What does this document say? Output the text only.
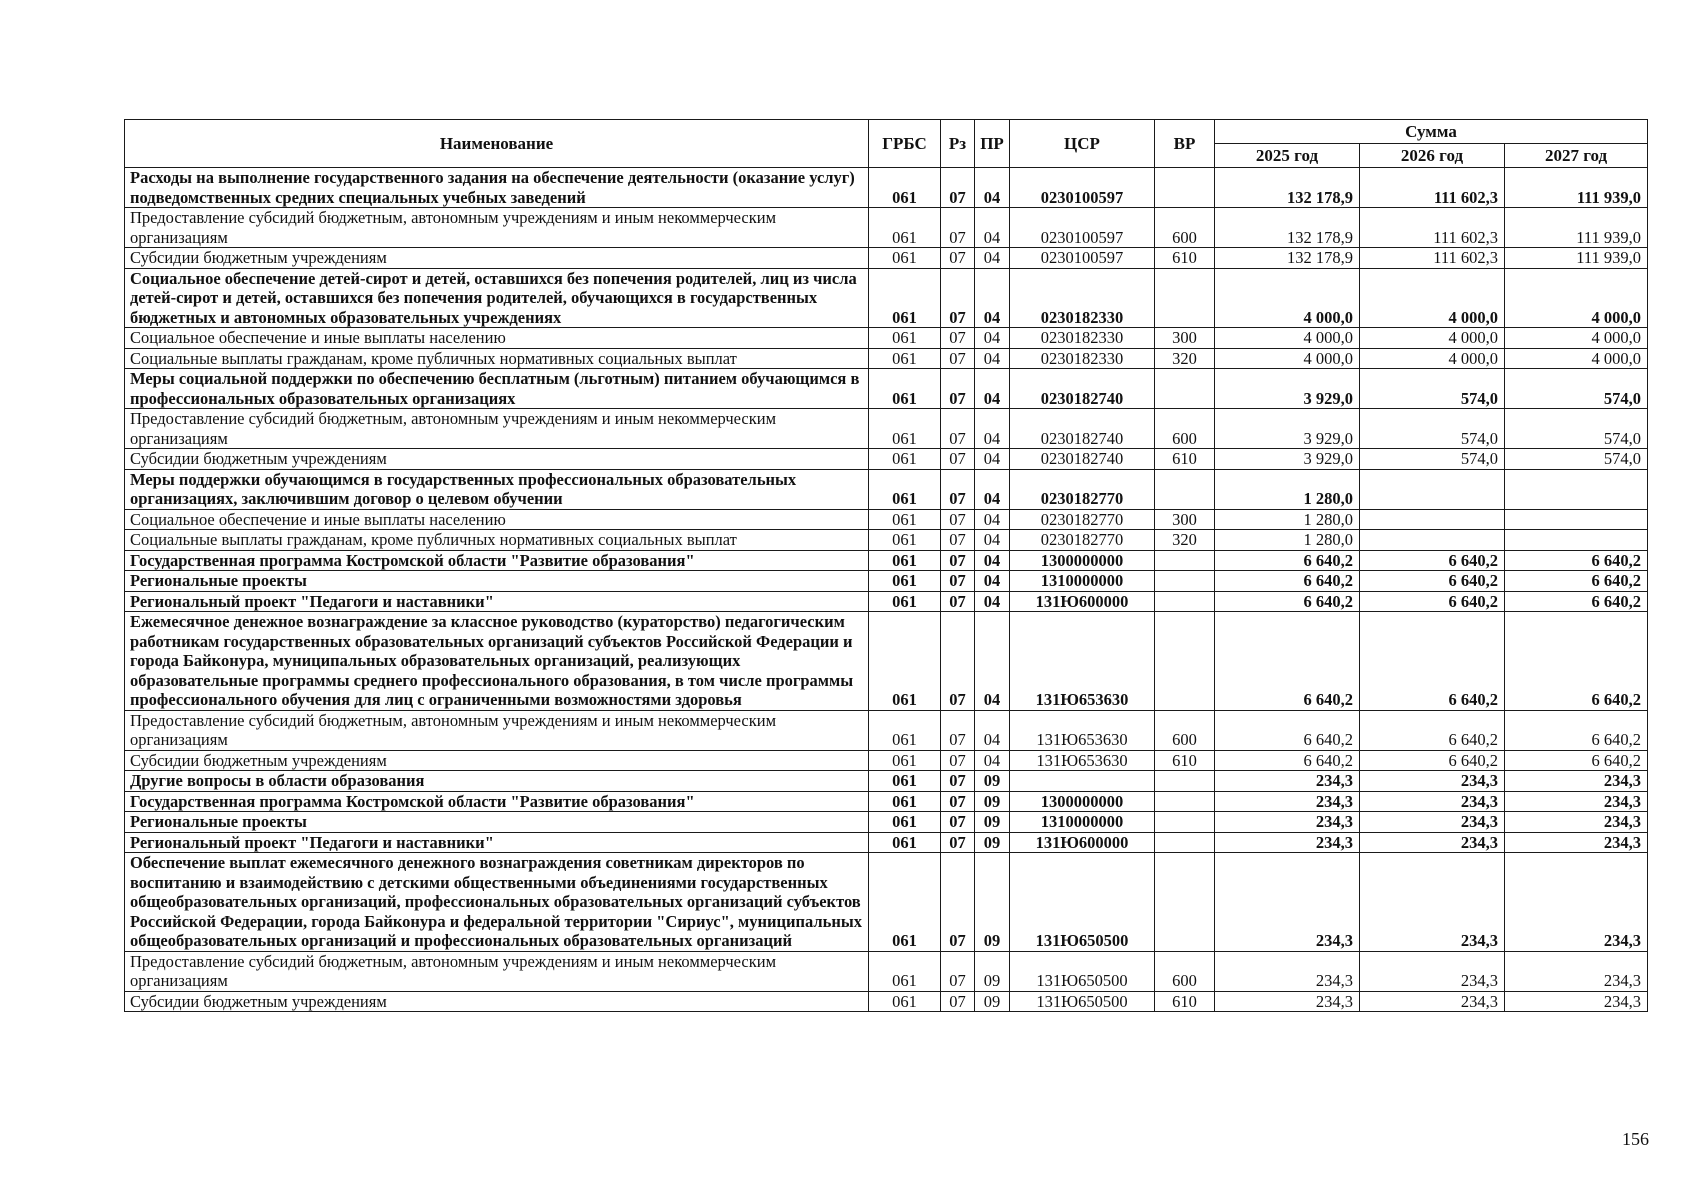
Наименование	ГРБС	Рз	ПР	ЦСР	ВР	Сумма		
						2025 год	2026 год	2027 год
Расходы на выполнение государственного задания на обеспечение деятельности (оказание услуг) подведомственных средних специальных учебных заведений	061	07	04	0230100597		132 178,9	111 602,3	111 939,0
Предоставление субсидий бюджетным, автономным учреждениям и иным некоммерческим организациям	061	07	04	0230100597	600	132 178,9	111 602,3	111 939,0
Субсидии бюджетным учреждениям	061	07	04	0230100597	610	132 178,9	111 602,3	111 939,0
Социальное обеспечение детей-сирот и детей, оставшихся без попечения родителей, лиц из числа детей-сирот и детей, оставшихся без попечения родителей, обучающихся в государственных бюджетных и автономных образовательных учреждениях	061	07	04	0230182330		4 000,0	4 000,0	4 000,0
Социальное обеспечение и иные выплаты населению	061	07	04	0230182330	300	4 000,0	4 000,0	4 000,0
Социальные выплаты гражданам, кроме публичных нормативных социальных выплат	061	07	04	0230182330	320	4 000,0	4 000,0	4 000,0
Меры социальной поддержки по обеспечению бесплатным (льготным) питанием обучающимся в профессиональных образовательных организациях	061	07	04	0230182740		3 929,0	574,0	574,0
Предоставление субсидий бюджетным, автономным учреждениям и иным некоммерческим организациям	061	07	04	0230182740	600	3 929,0	574,0	574,0
Субсидии бюджетным учреждениям	061	07	04	0230182740	610	3 929,0	574,0	574,0
Меры поддержки обучающимся в государственных профессиональных образовательных организациях, заключившим договор о целевом обучении	061	07	04	0230182770		1 280,0		
Социальное обеспечение и иные выплаты населению	061	07	04	0230182770	300	1 280,0		
Социальные выплаты гражданам, кроме публичных нормативных социальных выплат	061	07	04	0230182770	320	1 280,0		
Государственная программа Костромской области "Развитие образования"	061	07	04	1300000000		6 640,2	6 640,2	6 640,2
Региональные проекты	061	07	04	1310000000		6 640,2	6 640,2	6 640,2
Региональный проект "Педагоги и наставники"	061	07	04	131Ю600000		6 640,2	6 640,2	6 640,2
Ежемесячное денежное вознаграждение за классное руководство (кураторство) педагогическим работникам государственных образовательных организаций субъектов Российской Федерации и города Байконура, муниципальных образовательных организаций, реализующих образовательные программы среднего профессионального образования, в том числе программы профессионального обучения для лиц с ограниченными возможностями здоровья	061	07	04	131Ю653630		6 640,2	6 640,2	6 640,2
Предоставление субсидий бюджетным, автономным учреждениям и иным некоммерческим организациям	061	07	04	131Ю653630	600	6 640,2	6 640,2	6 640,2
Субсидии бюджетным учреждениям	061	07	04	131Ю653630	610	6 640,2	6 640,2	6 640,2
Другие вопросы в области образования	061	07	09			234,3	234,3	234,3
Государственная программа Костромской области "Развитие образования"	061	07	09	1300000000		234,3	234,3	234,3
Региональные проекты	061	07	09	1310000000		234,3	234,3	234,3
Региональный проект "Педагоги и наставники"	061	07	09	131Ю600000		234,3	234,3	234,3
Обеспечение выплат ежемесячного денежного вознаграждения советникам директоров по воспитанию и взаимодействию с детскими общественными объединениями государственных общеобразовательных организаций, профессиональных образовательных организаций субъектов Российской Федерации, города Байконура и федеральной территории "Сириус", муниципальных общеобразовательных организаций и профессиональных образовательных организаций	061	07	09	131Ю650500		234,3	234,3	234,3
Предоставление субсидий бюджетным, автономным учреждениям и иным некоммерческим организациям	061	07	09	131Ю650500	600	234,3	234,3	234,3
Субсидии бюджетным учреждениям	061	07	09	131Ю650500	610	234,3	234,3	234,3
156
